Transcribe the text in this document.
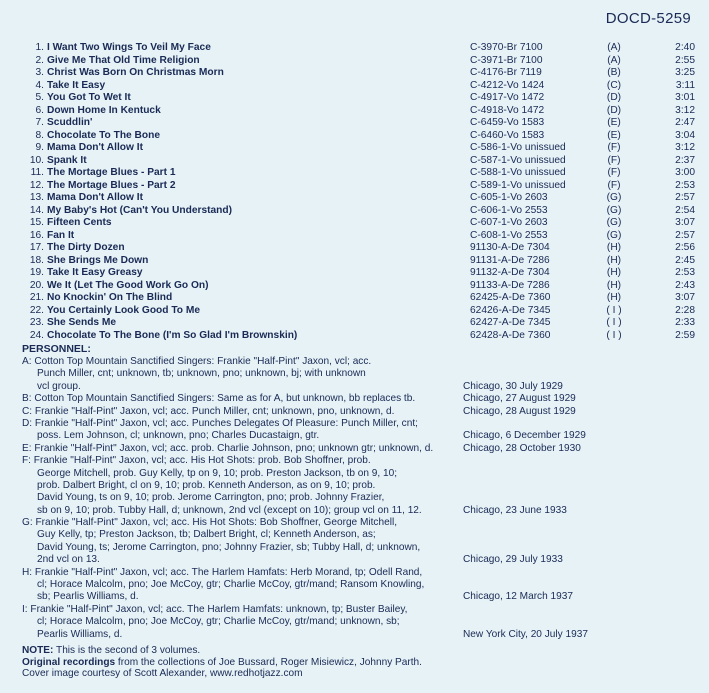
DOCD-5259
1. I Want Two Wings To Veil My Face	C-3970-Br 7100	(A)	2:40
2. Give Me That Old Time Religion	C-3971-Br 7100	(A)	2:55
3. Christ Was Born On Christmas Morn	C-4176-Br 7119	(B)	3:25
4. Take It Easy	C-4212-Vo 1424	(C)	3:11
5. You Got To Wet It	C-4917-Vo 1472	(D)	3:01
6. Down Home In Kentuck	C-4918-Vo 1472	(D)	3:12
7. Scuddlin'	C-6459-Vo 1583	(E)	2:47
8. Chocolate To The Bone	C-6460-Vo 1583	(E)	3:04
9. Mama Don't Allow It	C-586-1-Vo unissued	(F)	3:12
10. Spank It	C-587-1-Vo unissued	(F)	2:37
11. The Mortage Blues - Part 1	C-588-1-Vo unissued	(F)	3:00
12. The Mortage Blues - Part 2	C-589-1-Vo unissued	(F)	2:53
13. Mama Don't Allow It	C-605-1-Vo 2603	(G)	2:57
14. My Baby's Hot (Can't You Understand)	C-606-1-Vo 2553	(G)	2:54
15. Fifteen Cents	C-607-1-Vo 2603	(G)	3:07
16. Fan It	C-608-1-Vo 2553	(G)	2:57
17. The Dirty Dozen	91130-A-De 7304	(H)	2:56
18. She Brings Me Down	91131-A-De 7286	(H)	2:45
19. Take It Easy Greasy	91132-A-De 7304	(H)	2:53
20. We It (Let The Good Work Go On)	91133-A-De 7286	(H)	2:43
21. No Knockin' On The Blind	62425-A-De 7360	(H)	3:07
22. You Certainly Look Good To Me	62426-A-De 7345	( I )	2:28
23. She Sends Me	62427-A-De 7345	( I )	2:33
24. Chocolate To The Bone (I'm So Glad I'm Brownskin)	62428-A-De 7360	( I )	2:59
PERSONNEL:
A: Cotton Top Mountain Sanctified Singers: Frankie "Half-Pint" Jaxon, vcl; acc.
Punch Miller, cnt; unknown, tb; unknown, pno; unknown, bj; with unknown
vcl group.	Chicago, 30 July 1929
B: Cotton Top Mountain Sanctified Singers: Same as for A, but unknown, bb replaces tb.	Chicago, 27 August 1929
C: Frankie "Half-Pint" Jaxon, vcl; acc. Punch Miller, cnt; unknown, pno, unknown, d.	Chicago, 28 August 1929
D: Frankie "Half-Pint" Jaxon, vcl; acc. Punches Delegates Of Pleasure: Punch Miller, cnt;
poss. Lem Johnson, cl; unknown, pno; Charles Ducastaign, gtr.	Chicago, 6 December 1929
E: Frankie "Half-Pint" Jaxon, vcl; acc. prob. Charlie Johnson, pno; unknown gtr; unknown, d.	Chicago, 28 October 1930
F: Frankie "Half-Pint" Jaxon, vcl; acc. His Hot Shots: prob. Bob Shoffner, prob.
George Mitchell, prob. Guy Kelly, tp on 9, 10; prob. Preston Jackson, tb on 9, 10;
prob. Dalbert Bright, cl on 9, 10; prob. Kenneth Anderson, as on 9, 10; prob.
David Young, ts on 9, 10; prob. Jerome Carrington, pno; prob. Johnny Frazier,
sb on 9, 10; prob. Tubby Hall, d; unknown, 2nd vcl (except on 10); group vcl on 11, 12.	Chicago, 23 June 1933
G: Frankie "Half-Pint" Jaxon, vcl; acc. His Hot Shots: Bob Shoffner, George Mitchell,
Guy Kelly, tp; Preston Jackson, tb; Dalbert Bright, cl; Kenneth Anderson, as;
David Young, ts; Jerome Carrington, pno; Johnny Frazier, sb; Tubby Hall, d; unknown,
2nd vcl on 13.	Chicago, 29 July 1933
H: Frankie "Half-Pint" Jaxon, vcl; acc. The Harlem Hamfats: Herb Morand, tp; Odell Rand,
cl; Horace Malcolm, pno; Joe McCoy, gtr; Charlie McCoy, gtr/mand; Ransom Knowling,
sb; Pearlis Williams, d.	Chicago, 12 March 1937
I: Frankie "Half-Pint" Jaxon, vcl; acc. The Harlem Hamfats: unknown, tp; Buster Bailey,
cl; Horace Malcolm, pno; Joe McCoy, gtr; Charlie McCoy, gtr/mand; unknown, sb;
Pearlis Williams, d.	New York City, 20 July 1937
NOTE: This is the second of 3 volumes.
Original recordings from the collections of Joe Bussard, Roger Misiewicz, Johnny Parth.
Cover image courtesy of Scott Alexander, www.redhotjazz.com
